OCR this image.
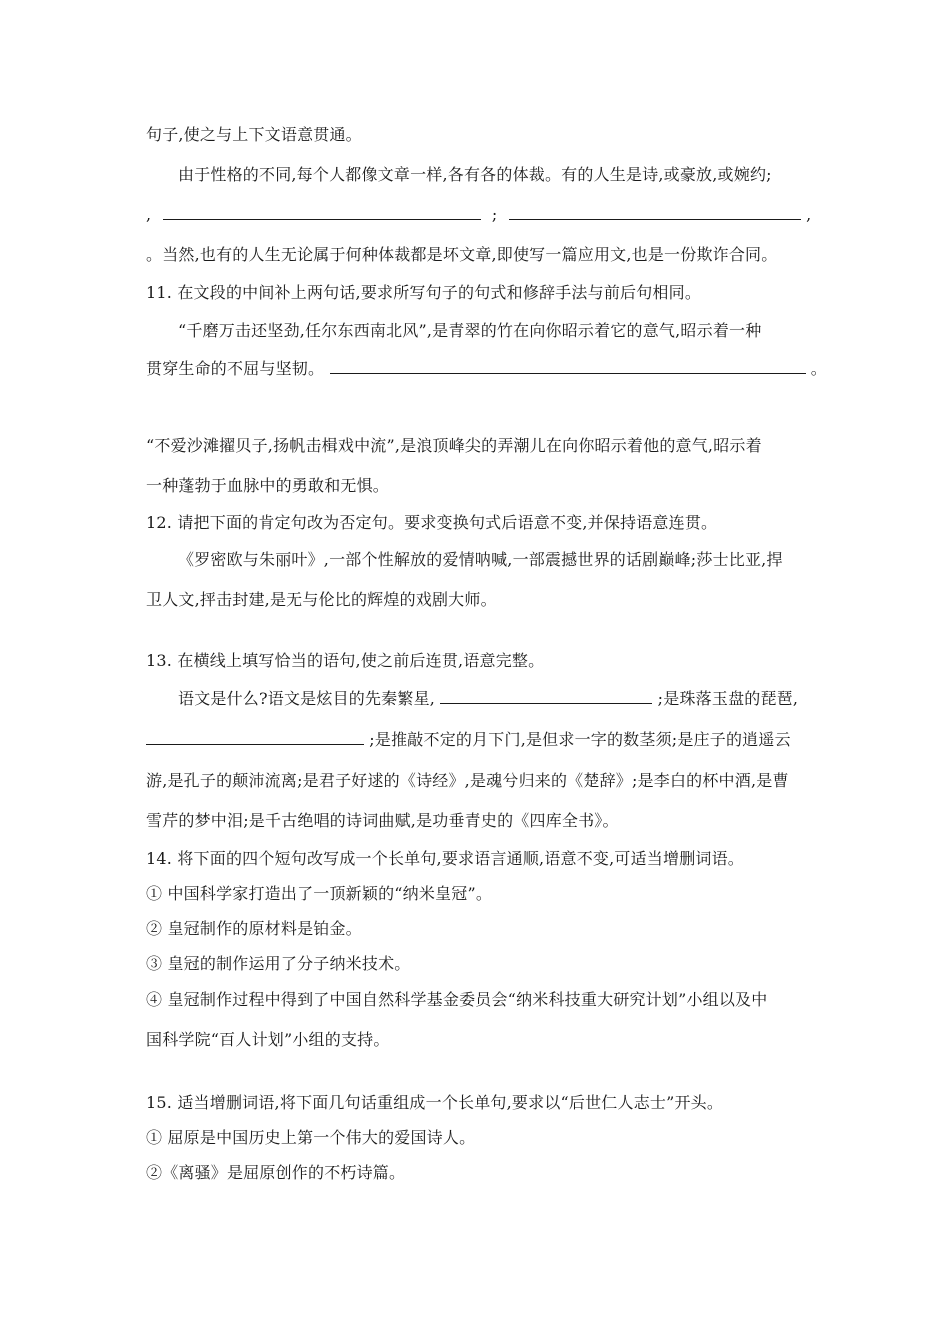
句子,使之与上下文语意贯通。
由于性格的不同,每个人都像文章一样,各有各的体裁。有的人生是诗,或豪放,或婉约;
,	;	,
。当然,也有的人生无论属于何种体裁都是坏文章,即使写一篇应用文,也是一份欺诈合同。
11. 在文段的中间补上两句话,要求所写句子的句式和修辞手法与前后句相同。
“千磨万击还坚劲,任尔东西南北风”,是青翠的竹在向你昭示着它的意气,昭示着一种
贯穿生命的不屈与坚韧。	。
“不爱沙滩擢贝子,扬帆击楫戏中流”,是浪顶峰尖的弄潮儿在向你昭示着他的意气,昭示着
一种蓬勃于血脉中的勇敢和无惧。
12. 请把下面的肯定句改为否定句。要求变换句式后语意不变,并保持语意连贯。
《罗密欧与朱丽叶》,一部个性解放的爱情呐喊,一部震撼世界的话剧巅峰;莎士比亚,捍
卫人文,抨击封建,是无与伦比的辉煌的戏剧大师。
13. 在横线上填写恰当的语句,使之前后连贯,语意完整。
语文是什么?语文是炫目的先秦繁星,	;是珠落玉盘的琵琶,
;是推敲不定的月下门,是但求一字的数茎须;是庄子的逍遥云
游,是孔子的颠沛流离;是君子好逑的《诗经》,是魂兮归来的《楚辞》;是李白的杯中酒,是曹
雪芹的梦中泪;是千古绝唱的诗词曲赋,是功垂青史的《四库全书》。
14. 将下面的四个短句改写成一个长单句,要求语言通顺,语意不变,可适当增删词语。
① 中国科学家打造出了一顶新颖的“纳米皇冠”。
② 皇冠制作的原材料是铂金。
③ 皇冠的制作运用了分子纳米技术。
④ 皇冠制作过程中得到了中国自然科学基金委员会“纳米科技重大研究计划”小组以及中
国科学院“百人计划”小组的支持。
15. 适当增删词语,将下面几句话重组成一个长单句,要求以“后世仁人志士”开头。
① 屈原是中国历史上第一个伟大的爱国诗人。
②《离骚》是屈原创作的不朽诗篇。
